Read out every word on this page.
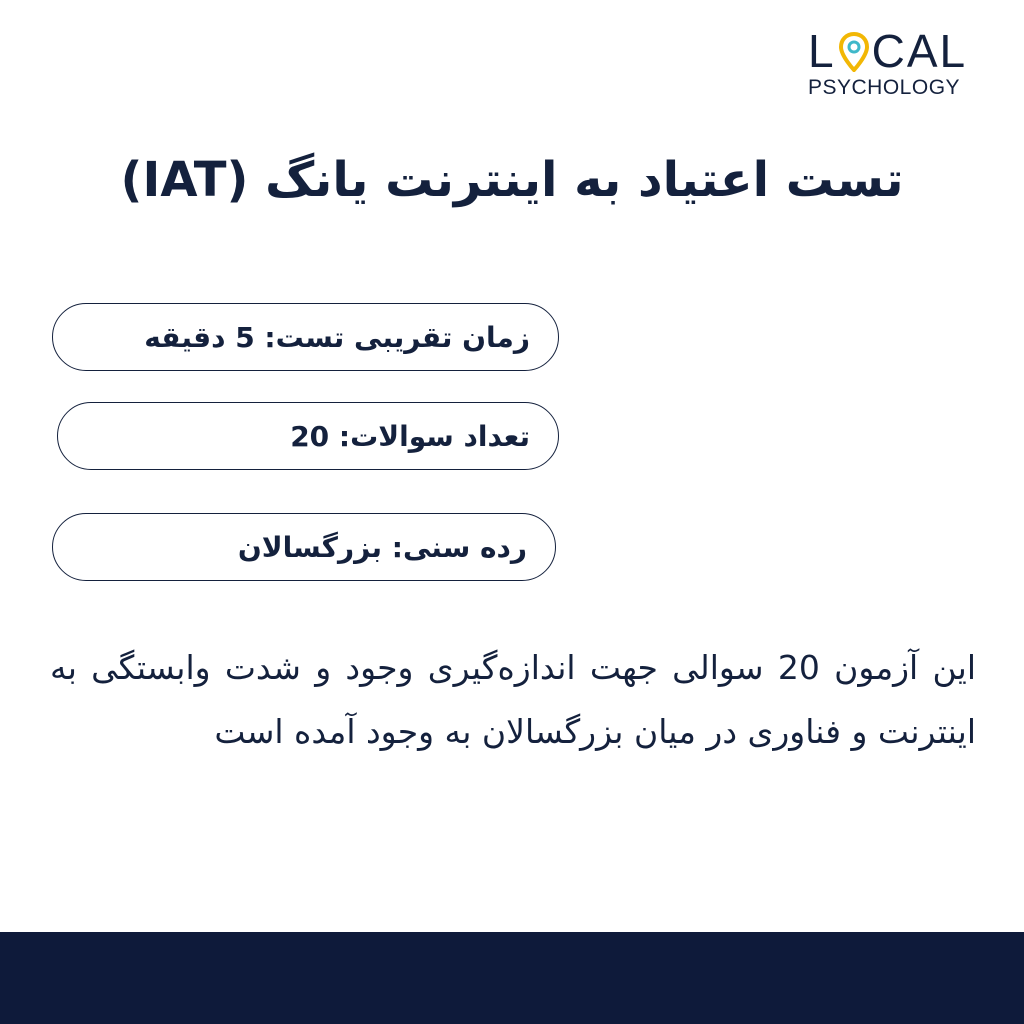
L CAL
PSYCHOLOGY
تست اعتیاد به اینترنت یانگ (IAT)
زمان تقریبی تست: 5 دقیقه
تعداد سوالات: 20
رده سنی: بزرگسالان

این آزمون 20 سوالی جهت اندازه‌گیری وجود و شدت وابستگی به اینترنت و فناوری در میان بزرگسالان به وجود آمده است
